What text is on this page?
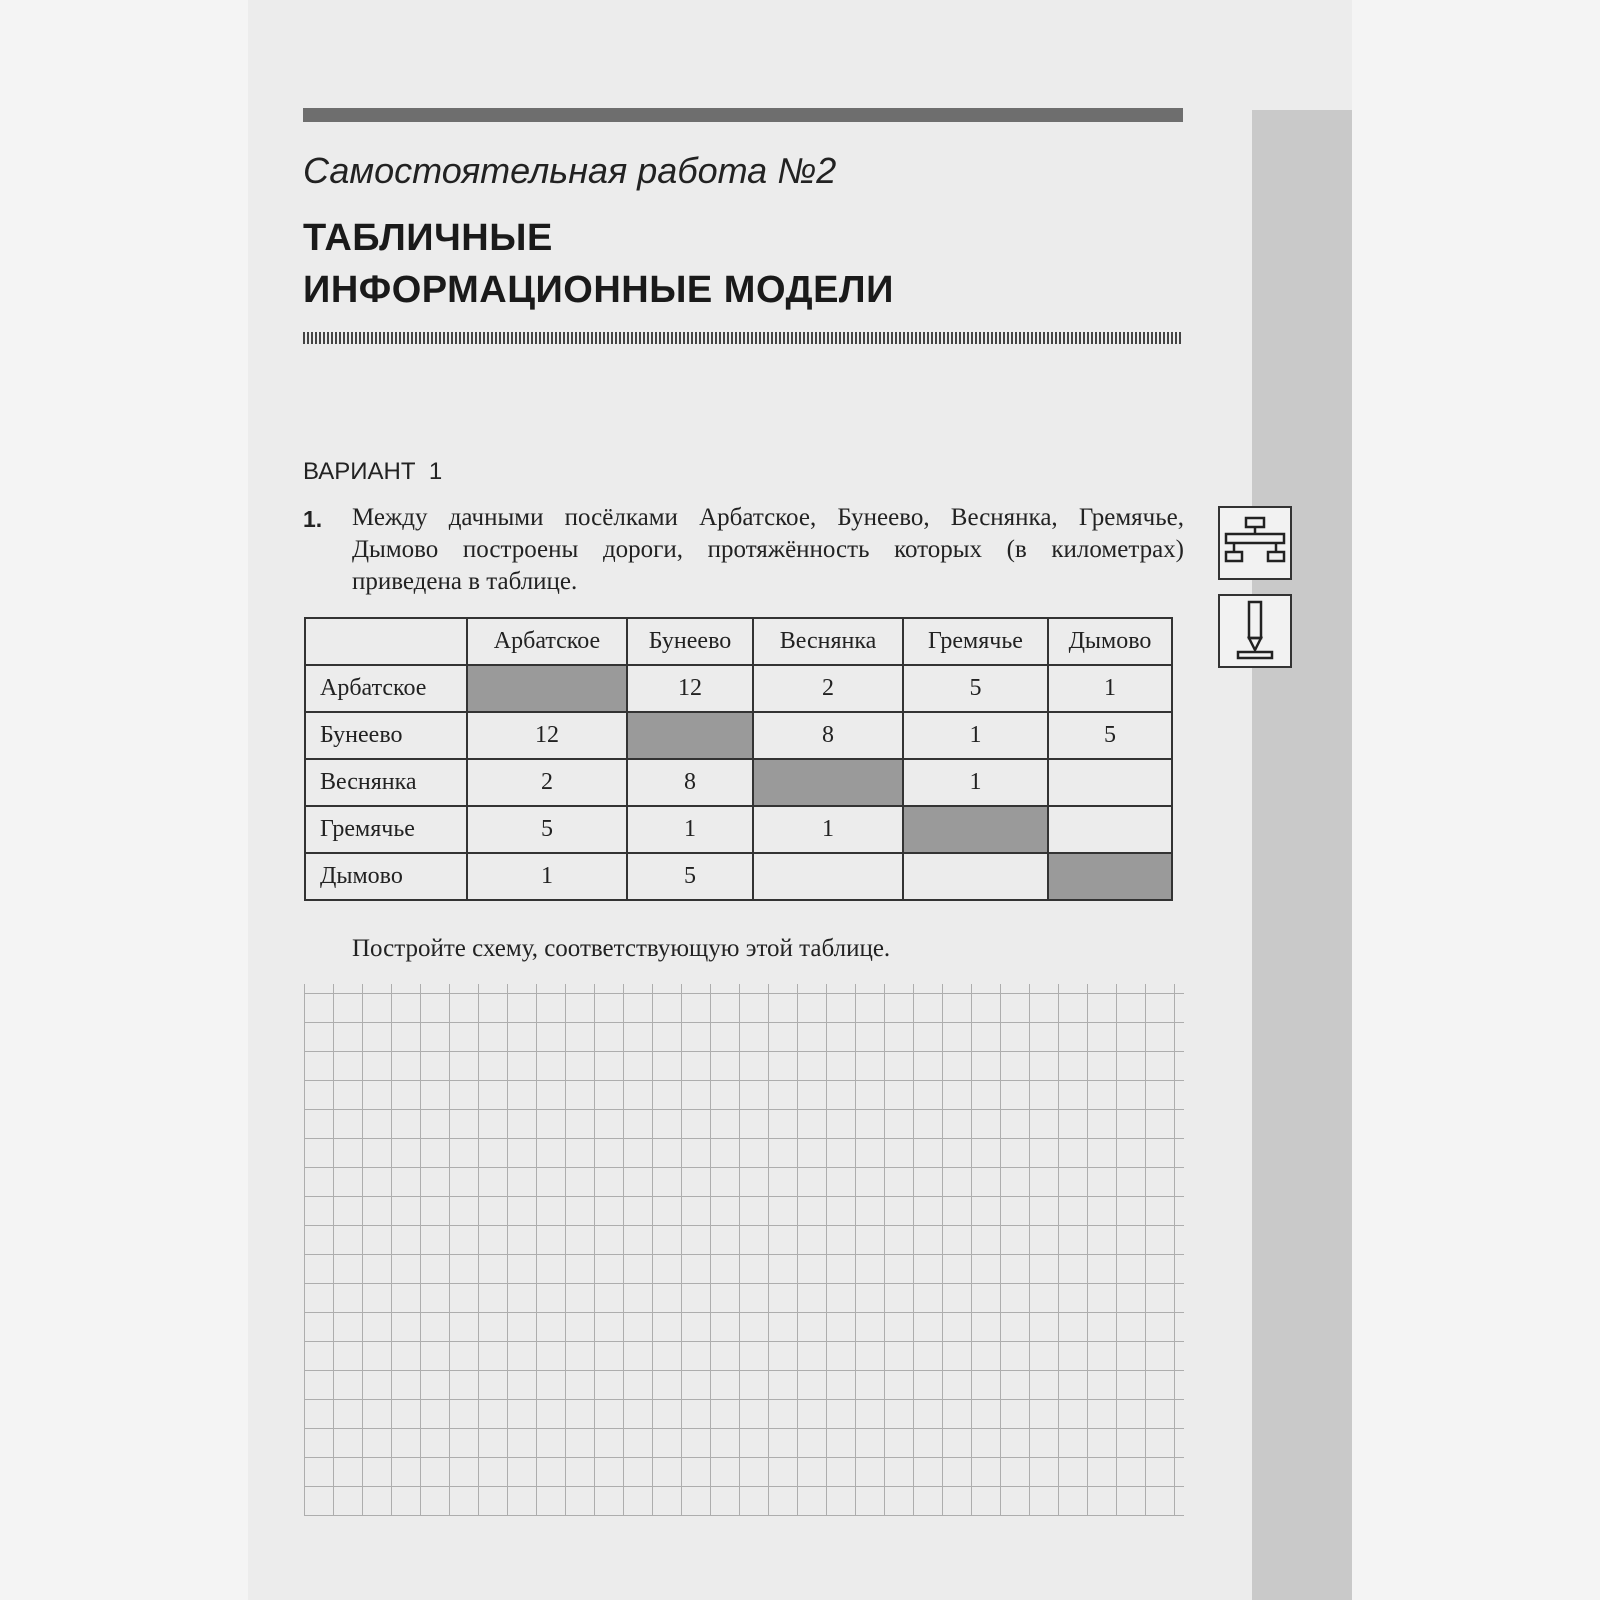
Самостоятельная работа №2
ТАБЛИЧНЫЕ
ИНФОРМАЦИОННЫЕ МОДЕЛИ
ВАРИАНТ  1
1. Между дачными посёлками Арбатское, Бунеево, Веснянка, Гремячье, Дымово построены дороги, протяжённость которых (в километрах) приведена в таблице.
	Арбатское	Бунеево	Веснянка	Гремячье	Дымово
Арбатское		12	2	5	1
Бунеево	12		8	1	5
Веснянка	2	8		1	
Гремячье	5	1	1		
Дымово	1	5			
Постройте схему, соответствующую этой таблице.
